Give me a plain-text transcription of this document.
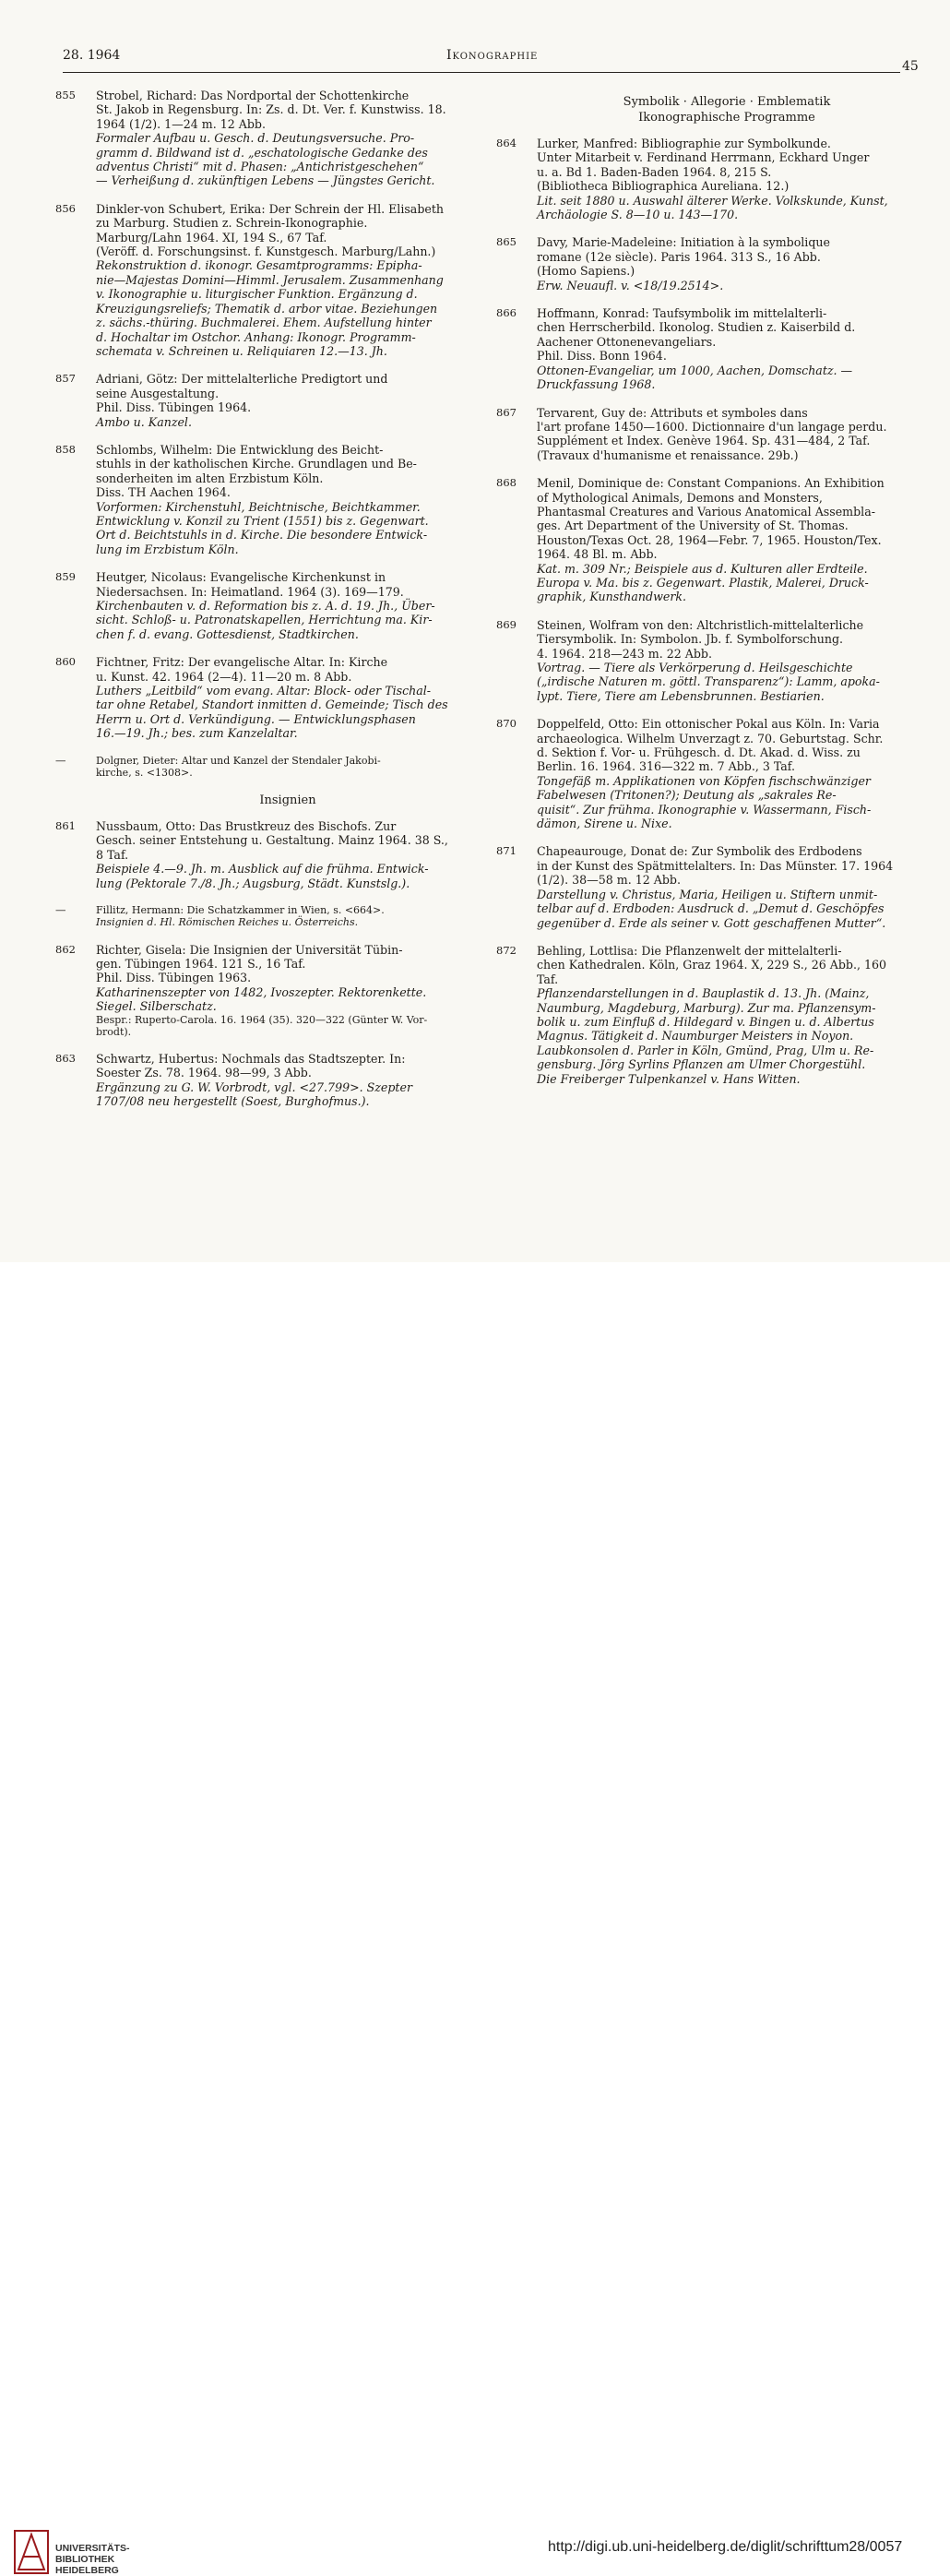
28. 1964	Ikonographie
45
855 Strobel, Richard: Das Nordportal der Schottenkirche
St. Jakob in Regensburg. In: Zs. d. Dt. Ver. f. Kunstwiss. 18.
1964 (1/2). 1—24 m. 12 Abb.
Formaler Aufbau u. Gesch. d. Deutungsversuche. Pro-
gramm d. Bildwand ist d. „eschatologische Gedanke des
adventus Christi“ mit d. Phasen: „Antichristgeschehen“
— Verheißung d. zukünftigen Lebens — Jüngstes Gericht.
856 Dinkler-von Schubert, Erika: Der Schrein der Hl. Elisabeth
zu Marburg. Studien z. Schrein-Ikonographie.
Marburg/Lahn 1964. XI, 194 S., 67 Taf.
(Veröff. d. Forschungsinst. f. Kunstgesch. Marburg/Lahn.)
Rekonstruktion d. ikonogr. Gesamtprogramms: Epipha-
nie—Majestas Domini—Himml. Jerusalem. Zusammenhang
v. Ikonographie u. liturgischer Funktion. Ergänzung d.
Kreuzigungsreliefs; Thematik d. arbor vitae. Beziehungen
z. sächs.-thüring. Buchmalerei. Ehem. Aufstellung hinter
d. Hochaltar im Ostchor. Anhang: Ikonogr. Programm-
schemata v. Schreinen u. Reliquiaren 12.—13. Jh.
857 Adriani, Götz: Der mittelalterliche Predigtort und
seine Ausgestaltung.
Phil. Diss. Tübingen 1964.
Ambo u. Kanzel.
858 Schlombs, Wilhelm: Die Entwicklung des Beicht-
stuhls in der katholischen Kirche. Grundlagen und Be-
sonderheiten im alten Erzbistum Köln.
Diss. TH Aachen 1964.
Vorformen: Kirchenstuhl, Beichtnische, Beichtkammer.
Entwicklung v. Konzil zu Trient (1551) bis z. Gegenwart.
Ort d. Beichtstuhls in d. Kirche. Die besondere Entwick-
lung im Erzbistum Köln.
859 Heutger, Nicolaus: Evangelische Kirchenkunst in
Niedersachsen. In: Heimatland. 1964 (3). 169—179.
Kirchenbauten v. d. Reformation bis z. A. d. 19. Jh., Über-
sicht. Schloß- u. Patronatskapellen, Herrichtung ma. Kir-
chen f. d. evang. Gottesdienst, Stadtkirchen.
860 Fichtner, Fritz: Der evangelische Altar. In: Kirche
u. Kunst. 42. 1964 (2—4). 11—20 m. 8 Abb.
Luthers „Leitbild“ vom evang. Altar: Block- oder Tischal-
tar ohne Retabel, Standort inmitten d. Gemeinde; Tisch des
Herrn u. Ort d. Verkündigung. — Entwicklungsphasen
16.—19. Jh.; bes. zum Kanzelaltar.
—	Dolgner, Dieter: Altar und Kanzel der Stendaler Jakobi-
kirche, s. <1308>.
Insignien
861 Nussbaum, Otto: Das Brustkreuz des Bischofs. Zur
Gesch. seiner Entstehung u. Gestaltung. Mainz 1964. 38 S.,
8 Taf.
Beispiele 4.—9. Jh. m. Ausblick auf die frühma. Entwick-
lung (Pektorale 7./8. Jh.; Augsburg, Städt. Kunstslg.).
—	Fillitz, Hermann: Die Schatzkammer in Wien, s. <664>.
Insignien d. Hl. Römischen Reiches u. Österreichs.
862 Richter, Gisela: Die Insignien der Universität Tübin-
gen. Tübingen 1964. 121 S., 16 Taf.
Phil. Diss. Tübingen 1963.
Katharinenszepter von 1482, Ivoszepter. Rektorenkette.
Siegel. Silberschatz.
Bespr.: Ruperto-Carola. 16. 1964 (35). 320—322 (Günter W. Vor-
brodt).
863 Schwartz, Hubertus: Nochmals das Stadtszepter. In:
Soester Zs. 78. 1964. 98—99, 3 Abb.
Ergänzung zu G. W. Vorbrodt, vgl. <27.799>. Szepter
1707/08 neu hergestellt (Soest, Burghofmus.).
Symbolik · Allegorie · Emblematik
Ikonographische Programme
864 Lurker, Manfred: Bibliographie zur Symbolkunde.
Unter Mitarbeit v. Ferdinand Herrmann, Eckhard Unger
u. a. Bd 1. Baden-Baden 1964. 8, 215 S.
(Bibliotheca Bibliographica Aureliana. 12.)
Lit. seit 1880 u. Auswahl älterer Werke. Volkskunde, Kunst,
Archäologie S. 8—10 u. 143—170.
865 Davy, Marie-Madeleine: Initiation à la symbolique
romane (12e siècle). Paris 1964. 313 S., 16 Abb.
(Homo Sapiens.)
Erw. Neuaufl. v. <18/19.2514>.
866 Hoffmann, Konrad: Taufsymbolik im mittelalterli-
chen Herrscherbild. Ikonolog. Studien z. Kaiserbild d.
Aachener Ottonenevangeliars.
Phil. Diss. Bonn 1964.
Ottonen-Evangeliar, um 1000, Aachen, Domschatz. —
Druckfassung 1968.
867 Tervarent, Guy de: Attributs et symboles dans
l'art profane 1450—1600. Dictionnaire d'un langage perdu.
Supplément et Index. Genève 1964. Sp. 431—484, 2 Taf.
(Travaux d'humanisme et renaissance. 29b.)
868 Menil, Dominique de: Constant Companions. An Exhibition
of Mythological Animals, Demons and Monsters,
Phantasmal Creatures and Various Anatomical Assembla-
ges. Art Department of the University of St. Thomas.
Houston/Texas Oct. 28, 1964—Febr. 7, 1965. Houston/Tex.
1964. 48 Bl. m. Abb.
Kat. m. 309 Nr.; Beispiele aus d. Kulturen aller Erdteile.
Europa v. Ma. bis z. Gegenwart. Plastik, Malerei, Druck-
graphik, Kunsthandwerk.
869 Steinen, Wolfram von den: Altchristlich-mittelalterliche
Tiersymbolik. In: Symbolon. Jb. f. Symbolforschung.
4. 1964. 218—243 m. 22 Abb.
Vortrag. — Tiere als Verkörperung d. Heilsgeschichte
(„irdische Naturen m. göttl. Transparenz“): Lamm, apoka-
lypt. Tiere, Tiere am Lebensbrunnen. Bestiarien.
870 Doppelfeld, Otto: Ein ottonischer Pokal aus Köln. In: Varia
archaeologica. Wilhelm Unverzagt z. 70. Geburtstag. Schr.
d. Sektion f. Vor- u. Frühgesch. d. Dt. Akad. d. Wiss. zu
Berlin. 16. 1964. 316—322 m. 7 Abb., 3 Taf.
Tongefäß m. Applikationen von Köpfen fischschwänziger
Fabelwesen (Tritonen?); Deutung als „sakrales Re-
quisit“. Zur frühma. Ikonographie v. Wassermann, Fisch-
dämon, Sirene u. Nixe.
871 Chapeaurouge, Donat de: Zur Symbolik des Erdbodens
in der Kunst des Spätmittelalters. In: Das Münster. 17. 1964
(1/2). 38—58 m. 12 Abb.
Darstellung v. Christus, Maria, Heiligen u. Stiftern unmit-
telbar auf d. Erdboden: Ausdruck d. „Demut d. Geschöpfes
gegenüber d. Erde als seiner v. Gott geschaffenen Mutter“.
872 Behling, Lottlisa: Die Pflanzenwelt der mittelalterli-
chen Kathedralen. Köln, Graz 1964. X, 229 S., 26 Abb., 160
Taf.
Pflanzendarstellungen in d. Bauplastik d. 13. Jh. (Mainz,
Naumburg, Magdeburg, Marburg). Zur ma. Pflanzensym-
bolik u. zum Einfluß d. Hildegard v. Bingen u. d. Albertus
Magnus. Tätigkeit d. Naumburger Meisters in Noyon.
Laubkonsolen d. Parler in Köln, Gmünd, Prag, Ulm u. Re-
gensburg. Jörg Syrlins Pflanzen am Ulmer Chorgestühl.
Die Freiberger Tulpenkanzel v. Hans Witten.
UNIVERSITÄTS-
BIBLIOTHEK
HEIDELBERG
http://digi.ub.uni-heidelberg.de/diglit/schrifttum28/0057
